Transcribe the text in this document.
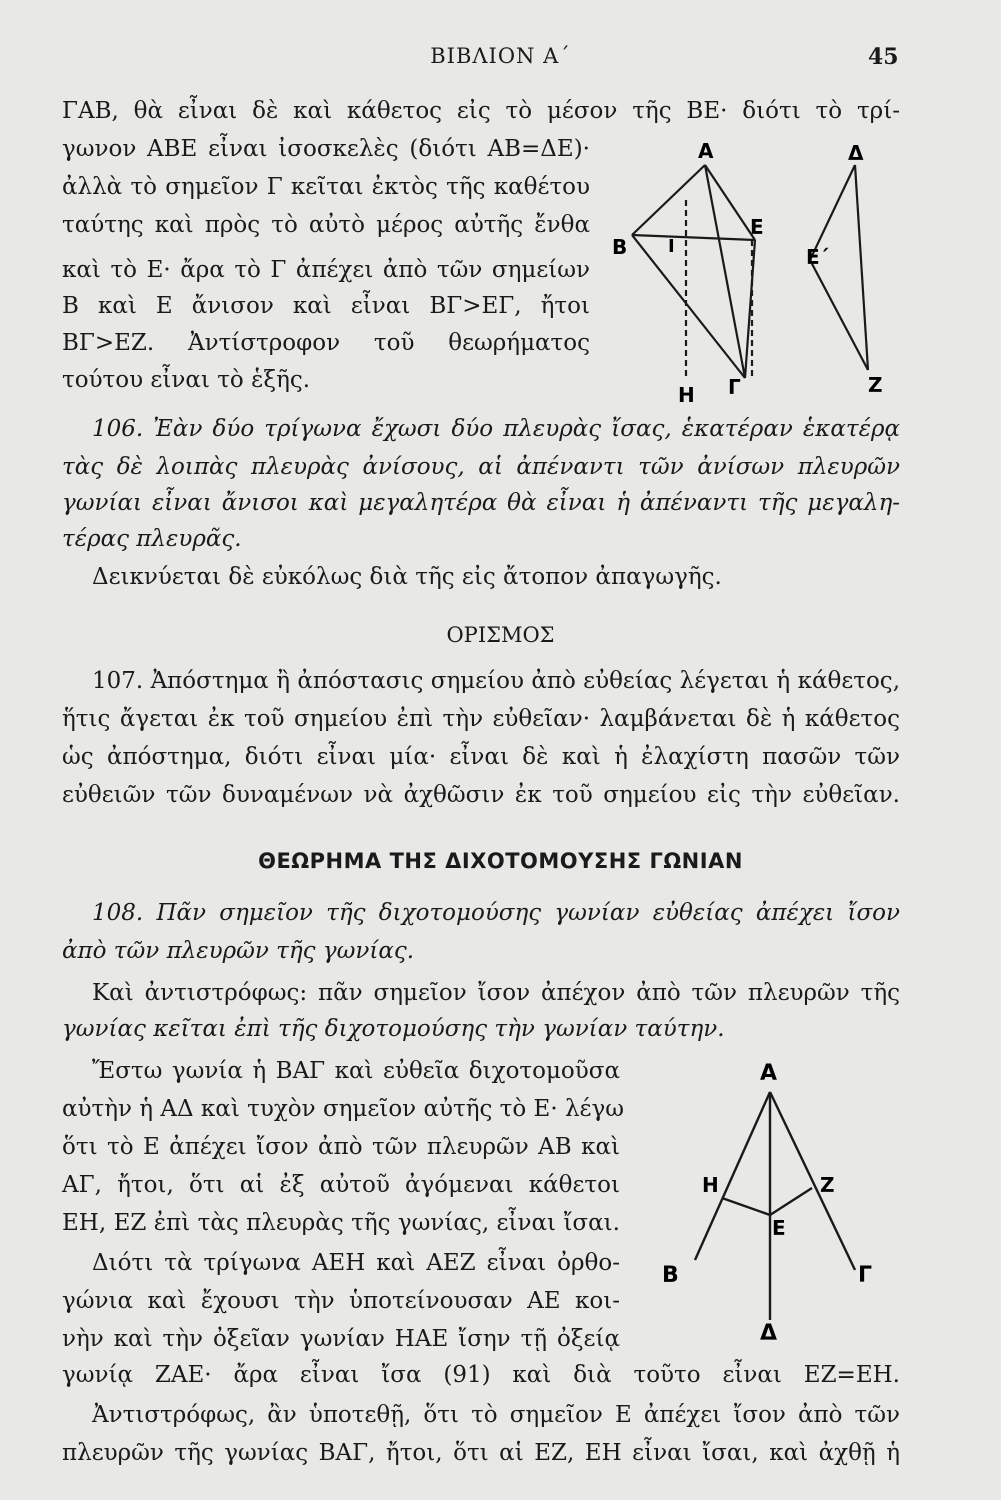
ΒΙΒΛΙΟΝ Α΄	45
ΓΑΒ, θὰ εἶναι δὲ καὶ κάθετος εἰς τὸ μέσον τῆς ΒΕ· διότι τὸ τρί-
γωνον ΑΒΕ εἶναι ἰσοσκελὲς (διότι ΑΒ=ΔΕ)·
ἀλλὰ τὸ σημεῖον Γ κεῖται ἐκτὸς τῆς καθέτου
ταύτης καὶ πρὸς τὸ αὐτὸ μέρος αὐτῆς ἔνθα
καὶ τὸ Ε· ἄρα τὸ Γ ἀπέχει ἀπὸ τῶν σημείων
Β καὶ Ε ἄνισον καὶ εἶναι ΒΓ>ΕΓ, ἤτοι
ΒΓ>ΕΖ. Ἀντίστροφον τοῦ θεωρήματος
τούτου εἶναι τὸ ἑξῆς.
106. Ἐὰν δύο τρίγωνα ἔχωσι δύο πλευρὰς ἴσας, ἑκατέραν ἑκατέρᾳ
τὰς δὲ λοιπὰς πλευρὰς ἀνίσους, αἱ ἀπέναντι τῶν ἀνίσων πλευρῶν
γωνίαι εἶναι ἄνισοι καὶ μεγαλητέρα θὰ εἶναι ἡ ἀπέναντι τῆς μεγαλη-
τέρας πλευρᾶς.
Δεικνύεται δὲ εὐκόλως διὰ τῆς εἰς ἄτοπον ἀπαγωγῆς.
ΟΡΙΣΜΟΣ
107. Ἀπόστημα ἢ ἀπόστασις σημείου ἀπὸ εὐθείας λέγεται ἡ κάθετος,
ἥτις ἄγεται ἐκ τοῦ σημείου ἐπὶ τὴν εὐθεῖαν· λαμβάνεται δὲ ἡ κάθετος
ὡς ἀπόστημα, διότι εἶναι μία· εἶναι δὲ καὶ ἡ ἐλαχίστη πασῶν τῶν
εὐθειῶν τῶν δυναμένων νὰ ἀχθῶσιν ἐκ τοῦ σημείου εἰς τὴν εὐθεῖαν.
ΘΕΩΡΗΜΑ ΤΗΣ ΔΙΧΟΤΟΜΟΥΣΗΣ ΓΩΝΙΑΝ
108. Πᾶν σημεῖον τῆς διχοτομούσης γωνίαν εὐθείας ἀπέχει ἴσον
ἀπὸ τῶν πλευρῶν τῆς γωνίας.
Καὶ ἀντιστρόφως: πᾶν σημεῖον ἴσον ἀπέχον ἀπὸ τῶν πλευρῶν τῆς
γωνίας κεῖται ἐπὶ τῆς διχοτομούσης τὴν γωνίαν ταύτην.
Ἔστω γωνία ἡ ΒΑΓ καὶ εὐθεῖα διχοτομοῦσα
αὐτὴν ἡ ΑΔ καὶ τυχὸν σημεῖον αὐτῆς τὸ Ε· λέγω
ὅτι τὸ Ε ἀπέχει ἴσον ἀπὸ τῶν πλευρῶν ΑΒ καὶ
ΑΓ, ἤτοι, ὅτι αἱ ἐξ αὐτοῦ ἀγόμεναι κάθετοι
ΕΗ, ΕΖ ἐπὶ τὰς πλευρὰς τῆς γωνίας, εἶναι ἴσαι.
Διότι τὰ τρίγωνα ΑΕΗ καὶ ΑΕΖ εἶναι ὀρθο-
γώνια καὶ ἔχουσι τὴν ὑποτείνουσαν ΑΕ κοι-
νὴν καὶ τὴν ὀξεῖαν γωνίαν ΗΑΕ ἴσην τῇ ὀξείᾳ
γωνίᾳ ΖΑΕ· ἄρα εἶναι ἴσα (91) καὶ διὰ τοῦτο εἶναι ΕΖ=ΕΗ.
Ἀντιστρόφως, ἂν ὑποτεθῇ, ὅτι τὸ σημεῖον Ε ἀπέχει ἴσον ἀπὸ τῶν
πλευρῶν τῆς γωνίας ΒΑΓ, ἤτοι, ὅτι αἱ ΕΖ, ΕΗ εἶναι ἴσαι, καὶ ἀχθῇ ἡ
Α	Δ
Β Ι
Ε
Ε΄
Η Γ	Ζ
Α
Η	Ζ
Ε
Β	Γ
Δ
